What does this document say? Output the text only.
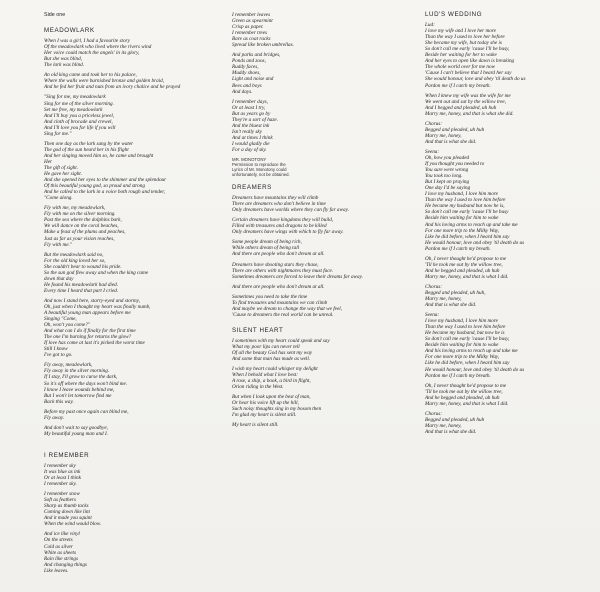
Side one
MEADOWLARK
When I was a girl, I had a favourite story
Of the meadowlark who lived where the rivers wind
Her voice could match the angels' in its glory,
But she was blind,
The lark was blind.
An old king came and took her to his palace,
Where the walls were burnished bronze and golden braid,
And he fed her fruit and nuts from an ivory chalice and he prayed
"Sing for me, my meadowlark
Sing for me of the silver morning.
Set me free, my meadowlark
And I'll buy you a priceless jewel,
And cloth of brocade and crewel,
And I'll love you for life if you will
Sing for me."
Then one day as the lark sang by the water
The god of the sun heard her in his flight
And her singing moved him so, he came and brought
Her
The gift of sight.
He gave her sight.
And she opened her eyes to the shimmer and the splendour
Of this beautiful young god, so proud and strong
And he called to the lark in a voice both rough and tender,
"Come along.
Fly with me, my meadowlark,
Fly with me on the silver morning.
Past the sea where the dolphins bark,
We will dance on the coral beaches,
Make a feast of the plums and peaches,
Just as far as your vision reaches,
Fly with me."
But the meadowlark said no,
For the old king loved her so,
She couldn't bear to wound his pride.
So the sun god flew away and when the king came
down that day
He found his meadowlark had died.
Every time I heard that part I cried.
And now I stand here, starry-eyed and stormy,
Oh, just when I thought my heart was finally numb,
A beautiful young man appears before me
Singing "Come,
Oh, won't you come?"
And what can I do if finally for the first time
The one I'm burning for returns the glow?
If love has come at last it's picked the worst time
Still I know
I've got to go.
Fly away, meadowlark,
Fly away in the silver morning.
If I stay, I'll grow to curse the dark,
So it's off where the days won't bind me.
I know I leave wounds behind me,
But I won't let tomorrow find me
Back this way.
Before my past once again can blind me,
Fly away.
And don't wait to say goodbye,
My beautiful young man and I.
I REMEMBER
I remember sky
It was blue as ink
Or at least I think
I remember sky.
I remember snow
Soft as feathers
Sharp as thumb tacks
Coming down like lint
And it made you squint
When the wind would blow.
And ice like vinyl
On the streets
Cold as silver
White as sheets
Rain like strings
And changing things
Like leaves.
I remember leaves
Green as spearmint
Crisp as paper.
I remember trees
Bare as coat racks
Spread like broken umbrellas.
And parks and bridges,
Ponds and zoos,
Ruddy faces,
Muddy shoes,
Light and noise and
Bees and boys
And days.
I remember days,
Or at least I try,
But as years go by
They're a sort of haze.
And the bluest ink
Isn't really sky
And at times I think
I would gladly die
For a day of sky.
MR. MONOTONY
Permission to reproduce the
Lyrics of Mr. Monotony could
unfortunately, not be obtained.
DREAMERS
Dreamers have mountains they will climb
There are dreamers who don't believe in time
Only dreamers have worlds where they can fly far away.
Certain dreamers have kingdoms they will build,
Filled with treasures and dragons to be killed
Only dreamers have wings with which to fly far away.
Some people dream of being rich,
While others dream of being tall
And there are people who don't dream at all.
Dreamers have shooting stars they chase,
There are others with nightmares they must face.
Sometimes dreamers are forced to leave their dreams far away.
And there are people who don't dream at all.
Sometimes you need to take the time
To find treasures and mountains we can climb
And maybe we dream to change the way that we feel,
'Cause to dreamers the real world can be unreal.
SILENT HEART
I sometimes with my heart could speak and say
What my poor lips can never tell
Of all the beauty God has sent my way
And some that man has made as well.
I wish my heart could whisper my delight
When I behold what I love best:
A rose, a ship, a book, a bird in flight,
Orion riding in the West.
But when I look upon the best of man,
Or hear his voice lift up the hill,
Such noisy thoughts sing in my bosom then
I'm glad my heart is silent still.
My heart is silent still.
LUD'S WEDDING
Lud:
I love my wife and I love her more
Than the way I used to love her before
She became my wife, but today she is
So don't call me early 'cause I'll be busy,
Beside her waiting for her to wake
And her eyes to open like dawn is breaking
The whole world over for me now
'Cause I can't believe that I heard her say
She would honour, love and obey 'til death do us
Pardon me if I catch my breath.
When I knew my wife was the wife for me
We went out and sat by the willow tree,
And I begged and pleaded, uh huh
Marry me, honey, and that is what she did.
Chorus:
Begged and pleaded, uh huh
Marry me, honey,
And that is what she did.
Seena:
Oh, how you pleaded
If you thought you needed to
You sure were wrong
You took too long.
But I kept on praying
One day I'd be saying
I love my husband, I love him more
Than the way I used to love him before
He became my husband but now he is,
So don't call me early 'cause I'll be busy
Beside him waiting for him to wake
And his loving arms to reach up and take me
For one more trip to the Milky Way,
Like he did before, when I heard him say
He would honour, love and obey 'til death do us
Pardon me if I catch my breath.
Oh, I never thought he'd propose to me
'Til he took me out by the willow tree,
And he begged and pleaded, uh huh
Marry me, honey, and that is what I did.
Chorus:
Begged and pleaded, uh huh,
Marry me, honey,
And that is what she did.
Seena:
I love my husband, I love him more
Than the way I used to love him before
He became my husband, but now he is
So don't call me early 'cause I'll be busy,
Beside him waiting for him to wake
And his loving arms to reach up and take me
For one more trip to the Milky Way,
Like he did before, when I heard him say
He would honour, love and obey 'til death do us
Pardon me if I catch my breath.
Oh, I never thought he'd propose to me
'Til he took me out by the willow tree,
And he begged and pleaded, uh huh
Marry me, honey, and that is what I did.
Chorus:
Begged and pleaded, uh huh
Marry me, honey,
And that is what she did.
